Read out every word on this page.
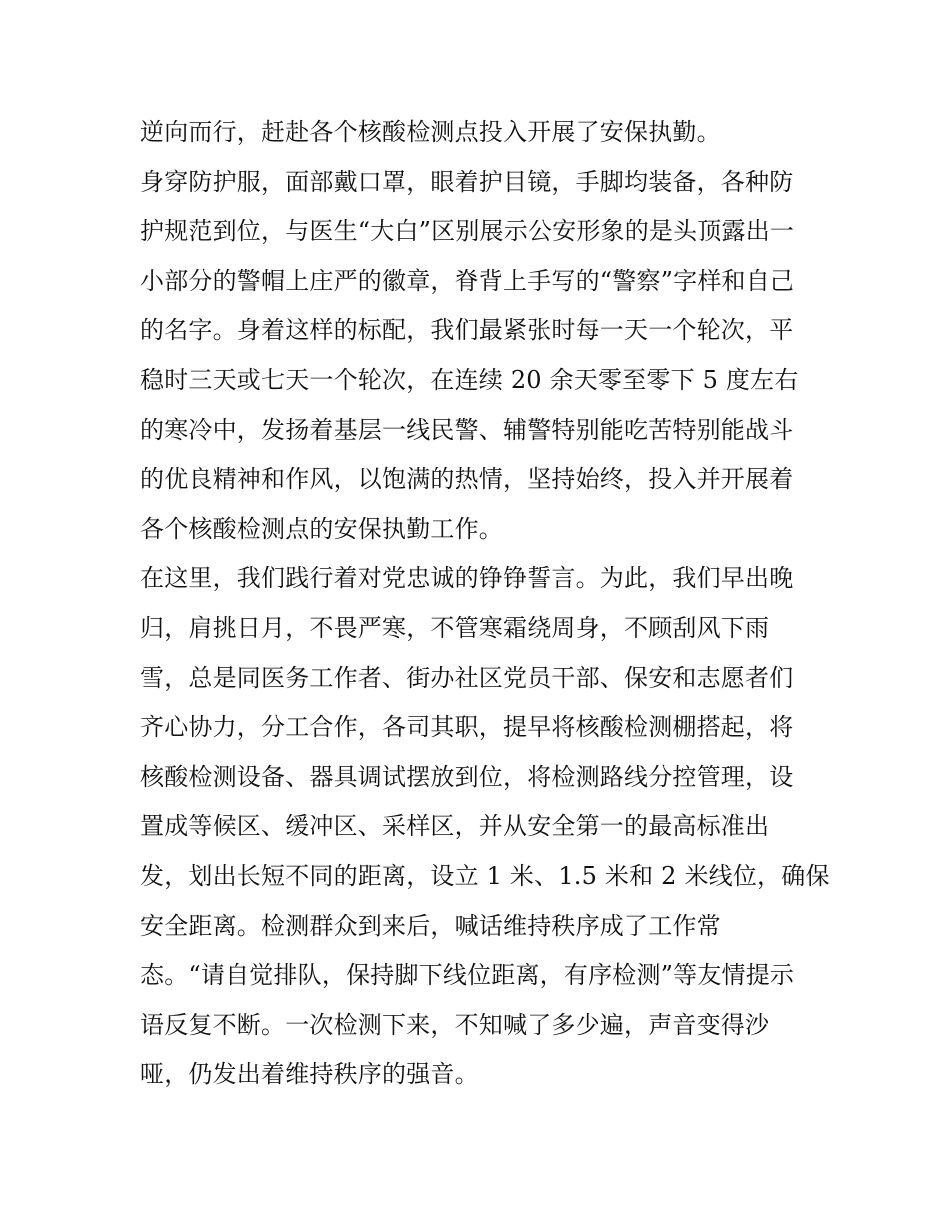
逆向而行，赶赴各个核酸检测点投入开展了安保执勤。
身穿防护服，面部戴口罩，眼着护目镜，手脚均装备，各种防
护规范到位，与医生“大白”区别展示公安形象的是头顶露出一
小部分的警帽上庄严的徽章，脊背上手写的“警察”字样和自己
的名字。身着这样的标配，我们最紧张时每一天一个轮次，平
稳时三天或七天一个轮次，在连续 20 余天零至零下 5 度左右
的寒冷中，发扬着基层一线民警、辅警特别能吃苦特别能战斗
的优良精神和作风，以饱满的热情，坚持始终，投入并开展着
各个核酸检测点的安保执勤工作。
在这里，我们践行着对党忠诚的铮铮誓言。为此，我们早出晚
归，肩挑日月，不畏严寒，不管寒霜绕周身，不顾刮风下雨
雪，总是同医务工作者、街办社区党员干部、保安和志愿者们
齐心协力，分工合作，各司其职，提早将核酸检测棚搭起，将
核酸检测设备、器具调试摆放到位，将检测路线分控管理，设
置成等候区、缓冲区、采样区，并从安全第一的最高标准出
发，划出长短不同的距离，设立 1 米、1.5 米和 2 米线位，确保
安全距离。检测群众到来后，喊话维持秩序成了工作常
态。“请自觉排队，保持脚下线位距离，有序检测”等友情提示
语反复不断。一次检测下来，不知喊了多少遍，声音变得沙
哑，仍发出着维持秩序的强音。
